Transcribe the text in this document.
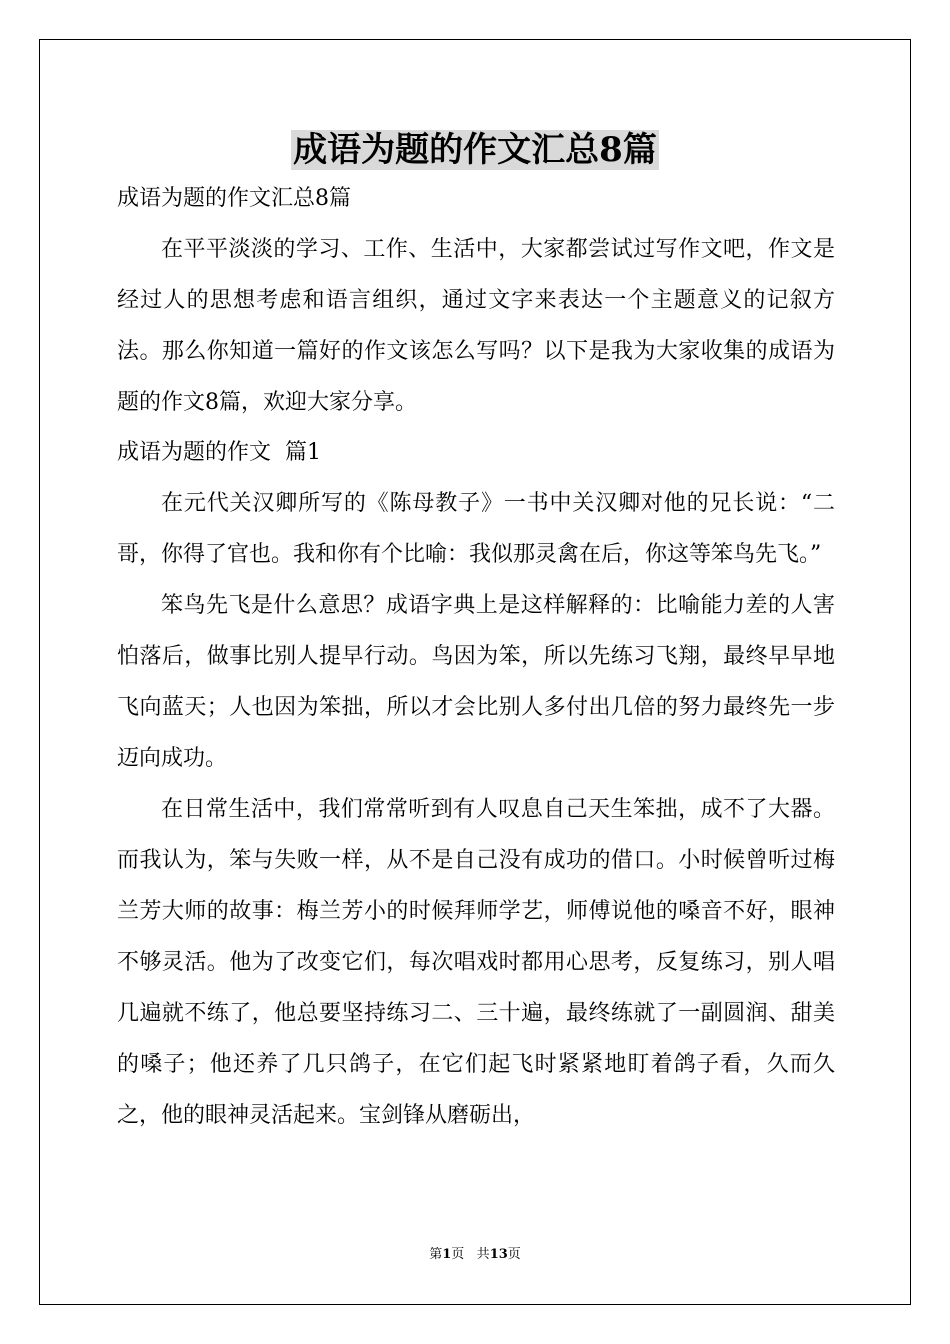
成语为题的作文汇总8篇
成语为题的作文汇总8篇

在平平淡淡的学习、工作、生活中，大家都尝试过写作文吧，作文是经过人的思想考虑和语言组织，通过文字来表达一个主题意义的记叙方法。那么你知道一篇好的作文该怎么写吗？以下是我为大家收集的成语为题的作文8篇，欢迎大家分享。

成语为题的作文  篇1

在元代关汉卿所写的《陈母教子》一书中关汉卿对他的兄长说：“二哥，你得了官也。我和你有个比喻：我似那灵禽在后，你这等笨鸟先飞。”

笨鸟先飞是什么意思？成语字典上是这样解释的：比喻能力差的人害怕落后，做事比别人提早行动。鸟因为笨，所以先练习飞翔，最终早早地飞向蓝天；人也因为笨拙，所以才会比别人多付出几倍的努力最终先一步迈向成功。

在日常生活中，我们常常听到有人叹息自己天生笨拙，成不了大器。而我认为，笨与失败一样，从不是自己没有成功的借口。小时候曾听过梅兰芳大师的故事：梅兰芳小的时候拜师学艺，师傅说他的嗓音不好，眼神不够灵活。他为了改变它们，每次唱戏时都用心思考，反复练习，别人唱几遍就不练了，他总要坚持练习二、三十遍，最终练就了一副圆润、甜美的嗓子；他还养了几只鸽子，在它们起飞时紧紧地盯着鸽子看，久而久之，他的眼神灵活起来。宝剑锋从磨砺出，

第1页 共13页
